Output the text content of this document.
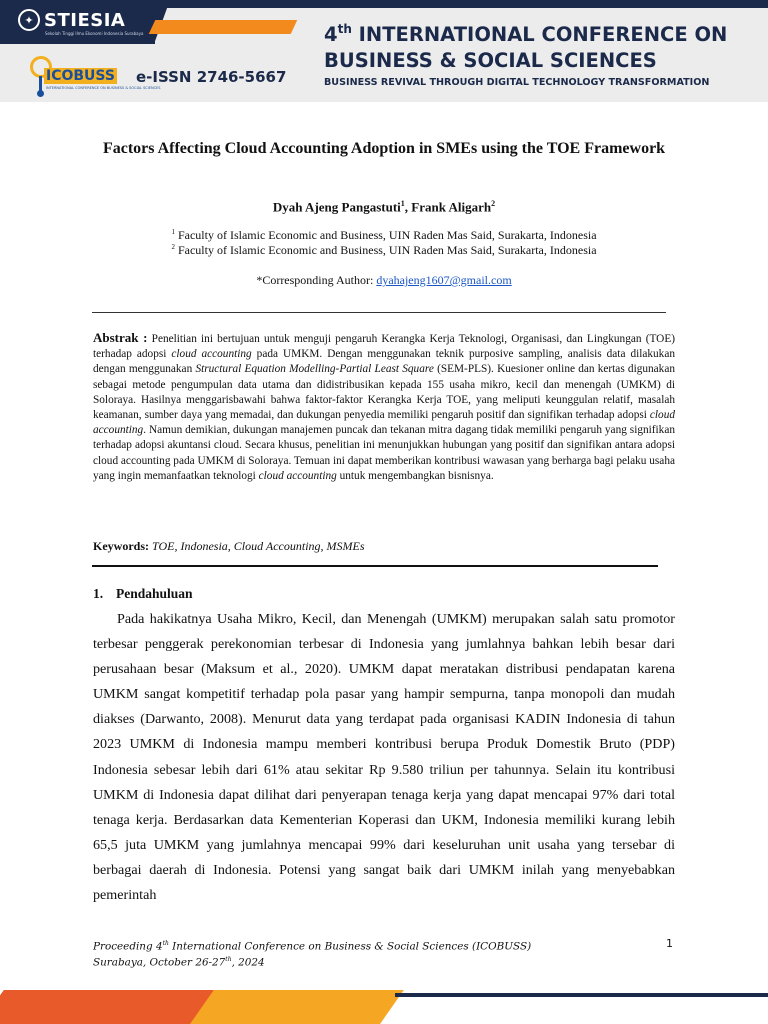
✦ STIESIA
Sekolah Tinggi Ilmu Ekonomi Indonesia Surabaya
ICOBUSS
INTERNATIONAL CONFERENCE ON BUSINESS & SOCIAL SCIENCES
e-ISSN 2746-5667
4th INTERNATIONAL CONFERENCE ON
BUSINESS & SOCIAL SCIENCES
BUSINESS REVIVAL THROUGH DIGITAL TECHNOLOGY TRANSFORMATION
Factors Affecting Cloud Accounting Adoption in SMEs using the TOE Framework
Dyah Ajeng Pangastuti$^1$, Frank Aligarh$^2$
$^1$ Faculty of Islamic Economic and Business, UIN Raden Mas Said, Surakarta, Indonesia
$^2$ Faculty of Islamic Economic and Business, UIN Raden Mas Said, Surakarta, Indonesia
*Corresponding Author: dyahajeng1607@gmail.com
Abstrak : Penelitian ini bertujuan untuk menguji pengaruh Kerangka Kerja Teknologi, Organisasi, dan Lingkungan (TOE) terhadap adopsi cloud accounting pada UMKM. Dengan menggunakan teknik purposive sampling, analisis data dilakukan dengan menggunakan Structural Equation Modelling-Partial Least Square (SEM-PLS). Kuesioner online dan kertas digunakan sebagai metode pengumpulan data utama dan didistribusikan kepada 155 usaha mikro, kecil dan menengah (UMKM) di Soloraya. Hasilnya menggarisbawahi bahwa faktor-faktor Kerangka Kerja TOE, yang meliputi keunggulan relatif, masalah keamanan, sumber daya yang memadai, dan dukungan penyedia memiliki pengaruh positif dan signifikan terhadap adopsi cloud accounting. Namun demikian, dukungan manajemen puncak dan tekanan mitra dagang tidak memiliki pengaruh yang signifikan terhadap adopsi akuntansi cloud. Secara khusus, penelitian ini menunjukkan hubungan yang positif dan signifikan antara adopsi cloud accounting pada UMKM di Soloraya. Temuan ini dapat memberikan kontribusi wawasan yang berharga bagi pelaku usaha yang ingin memanfaatkan teknologi cloud accounting untuk mengembangkan bisnisnya.
Keywords: TOE, Indonesia, Cloud Accounting, MSMEs
1. Pendahuluan
Pada hakikatnya Usaha Mikro, Kecil, dan Menengah (UMKM) merupakan salah satu promotor terbesar penggerak perekonomian terbesar di Indonesia yang jumlahnya bahkan lebih besar dari perusahaan besar (Maksum et al., 2020). UMKM dapat meratakan distribusi pendapatan karena UMKM sangat kompetitif terhadap pola pasar yang hampir sempurna, tanpa monopoli dan mudah diakses (Darwanto, 2008). Menurut data yang terdapat pada organisasi KADIN Indonesia di tahun 2023 UMKM di Indonesia mampu memberi kontribusi berupa Produk Domestik Bruto (PDP) Indonesia sebesar lebih dari 61% atau sekitar Rp 9.580 triliun per tahunnya. Selain itu kontribusi UMKM di Indonesia dapat dilihat dari penyerapan tenaga kerja yang dapat mencapai 97% dari total tenaga kerja. Berdasarkan data Kementerian Koperasi dan UKM, Indonesia memiliki kurang lebih 65,5 juta UMKM yang jumlahnya mencapai 99% dari keseluruhan unit usaha yang tersebar di berbagai daerah di Indonesia. Potensi yang sangat baik dari UMKM inilah yang menyebabkan pemerintah
Proceeding 4th International Conference on Business & Social Sciences (ICOBUSS)
Surabaya, October 26-27th, 2024
1
